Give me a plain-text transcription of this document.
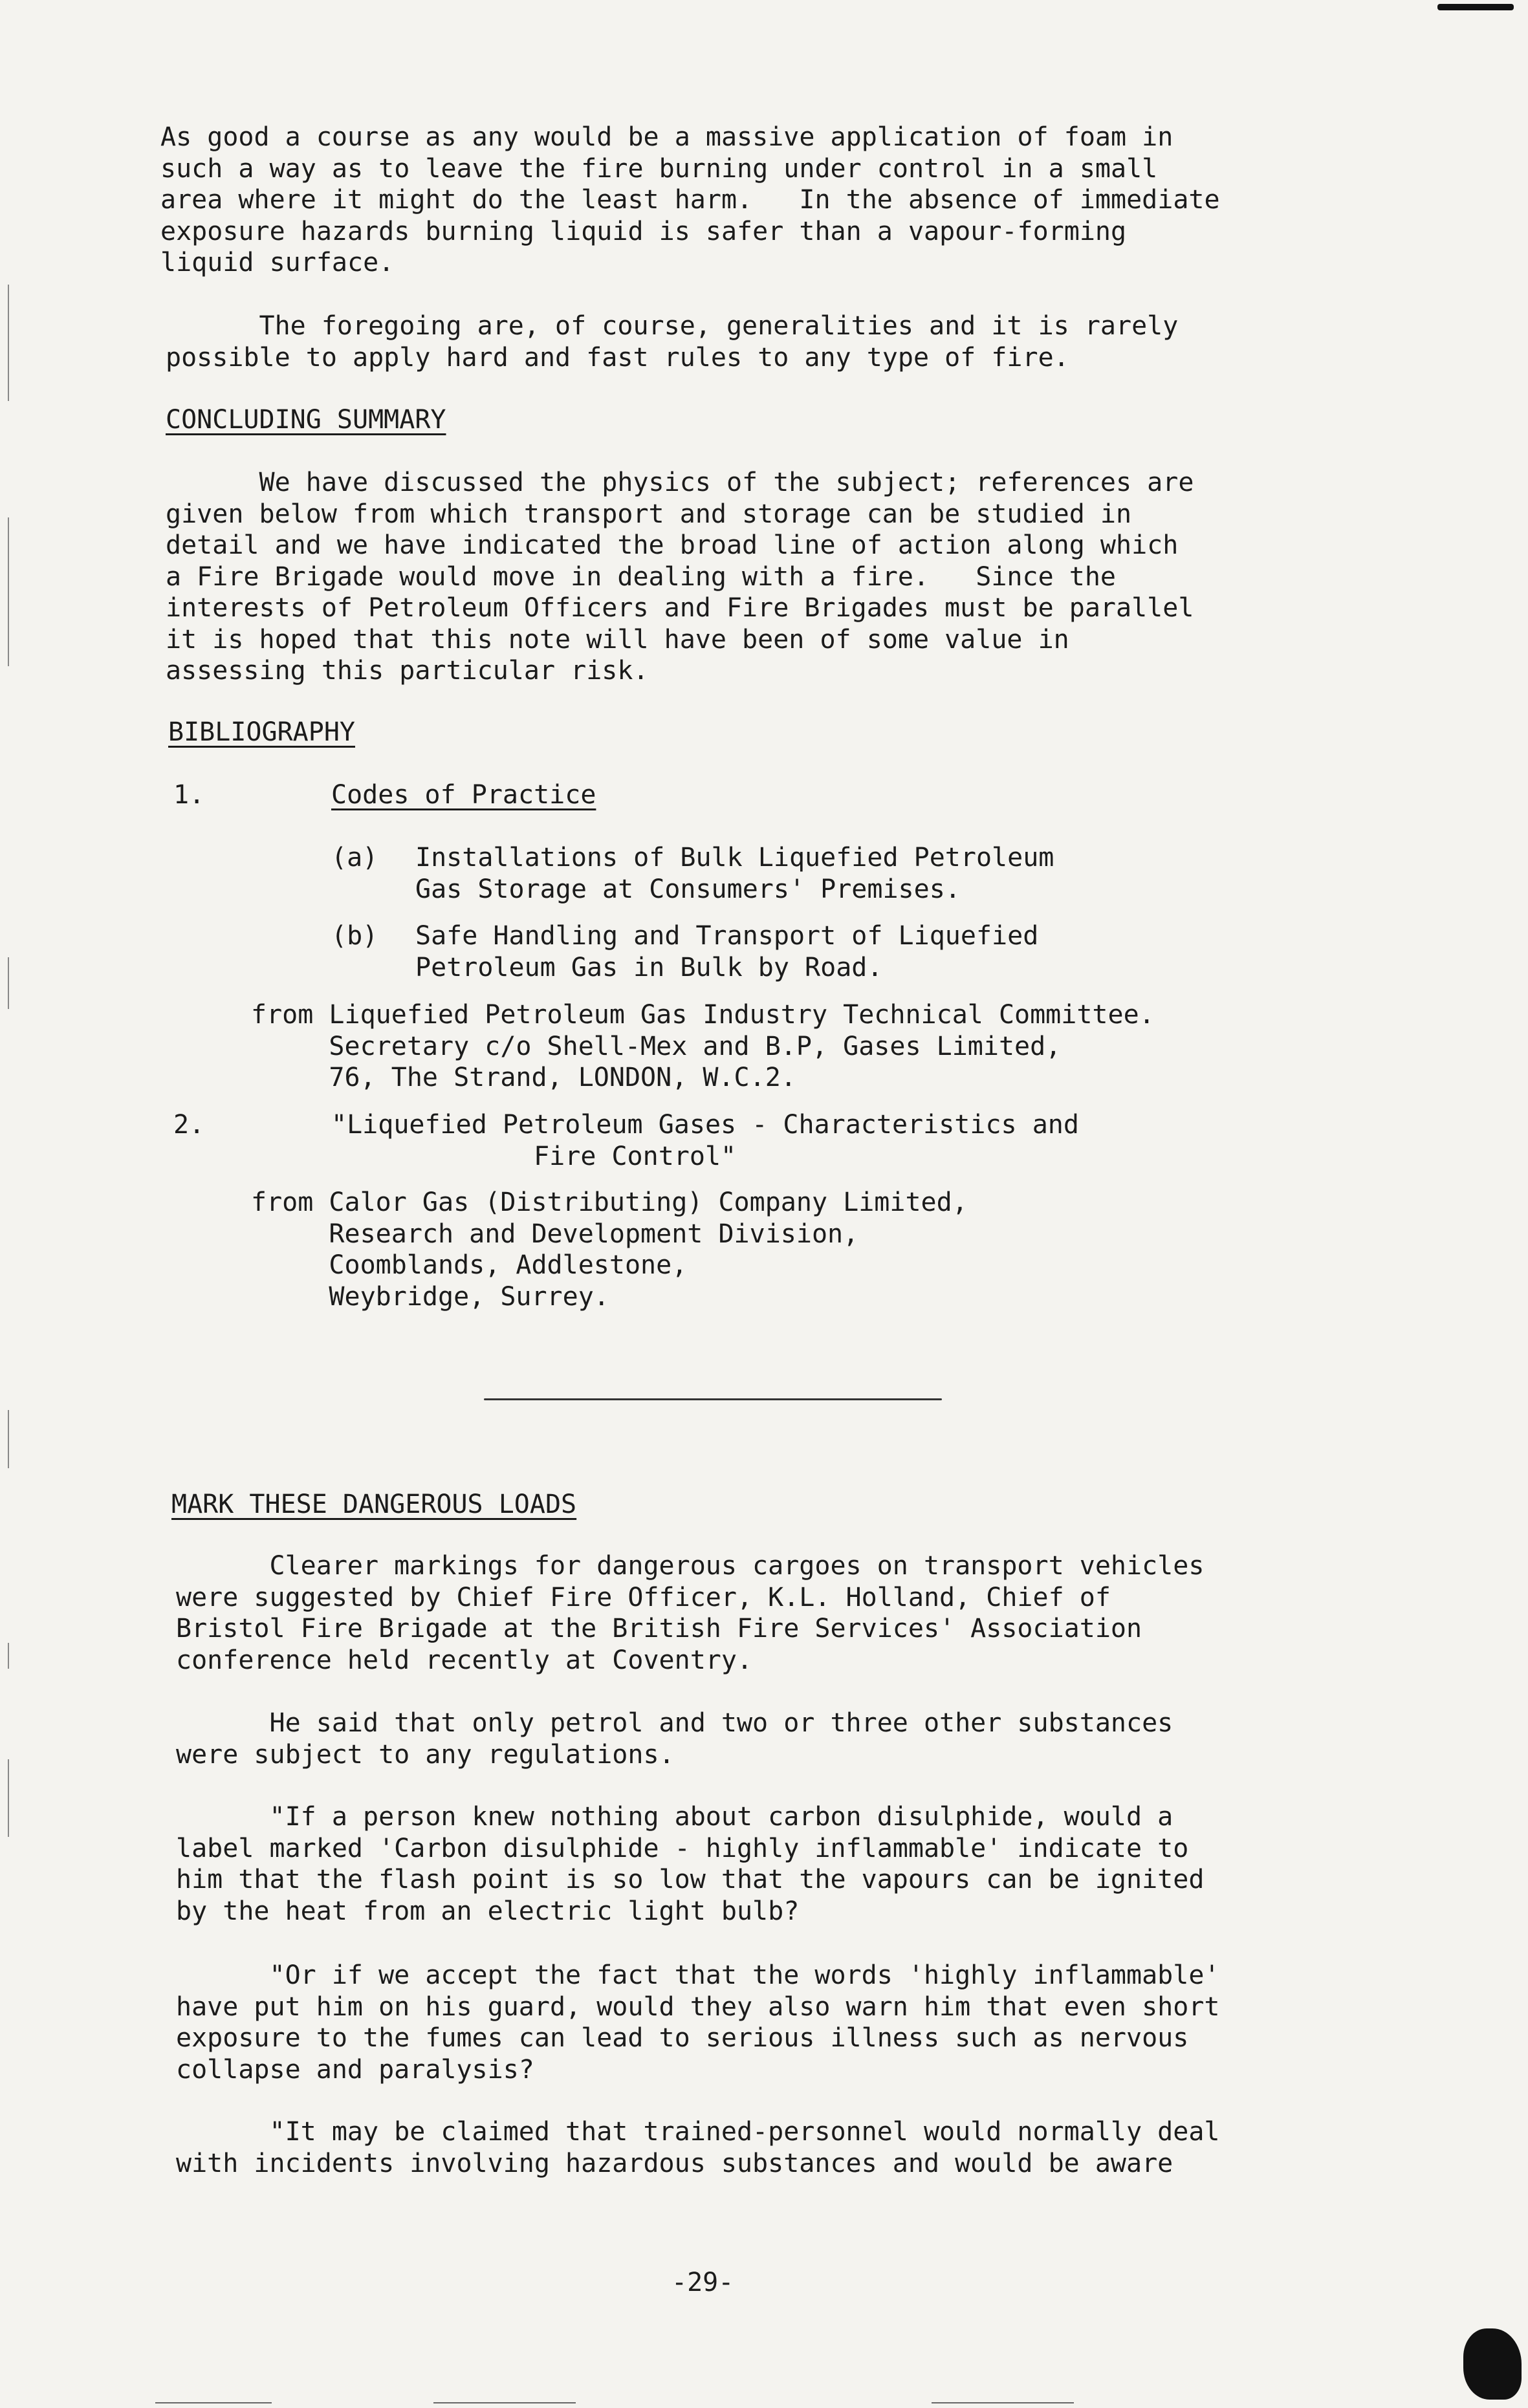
As good a course as any would be a massive application of foam in
such a way as to leave the fire burning under control in a small
area where it might do the least harm.   In the absence of immediate
exposure hazards burning liquid is safer than a vapour-forming
liquid surface.

The foregoing are, of course, generalities and it is rarely
possible to apply hard and fast rules to any type of fire.

CONCLUDING SUMMARY

We have discussed the physics of the subject; references are
given below from which transport and storage can be studied in
detail and we have indicated the broad line of action along which
a Fire Brigade would move in dealing with a fire.   Since the
interests of Petroleum Officers and Fire Brigades must be parallel
it is hoped that this note will have been of some value in
assessing this particular risk.

BIBLIOGRAPHY

1.	Codes of Practice

(a) Installations of Bulk Liquefied Petroleum
Gas Storage at Consumers' Premises.

(b) Safe Handling and Transport of Liquefied
Petroleum Gas in Bulk by Road.

from Liquefied Petroleum Gas Industry Technical Committee.
Secretary c/o Shell-Mex and B.P, Gases Limited,
76, The Strand, LONDON, W.C.2.

2.	"Liquefied Petroleum Gases - Characteristics and
Fire Control"

from Calor Gas (Distributing) Company Limited,
Research and Development Division,
Coomblands, Addlestone,
Weybridge, Surrey.

MARK THESE DANGEROUS LOADS

Clearer markings for dangerous cargoes on transport vehicles
were suggested by Chief Fire Officer, K.L. Holland, Chief of
Bristol Fire Brigade at the British Fire Services' Association
conference held recently at Coventry.

He said that only petrol and two or three other substances
were subject to any regulations.

"If a person knew nothing about carbon disulphide, would a
label marked 'Carbon disulphide - highly inflammable' indicate to
him that the flash point is so low that the vapours can be ignited
by the heat from an electric light bulb?

"Or if we accept the fact that the words 'highly inflammable'
have put him on his guard, would they also warn him that even short
exposure to the fumes can lead to serious illness such as nervous
collapse and paralysis?

"It may be claimed that trained-personnel would normally deal
with incidents involving hazardous substances and would be aware

-29-
